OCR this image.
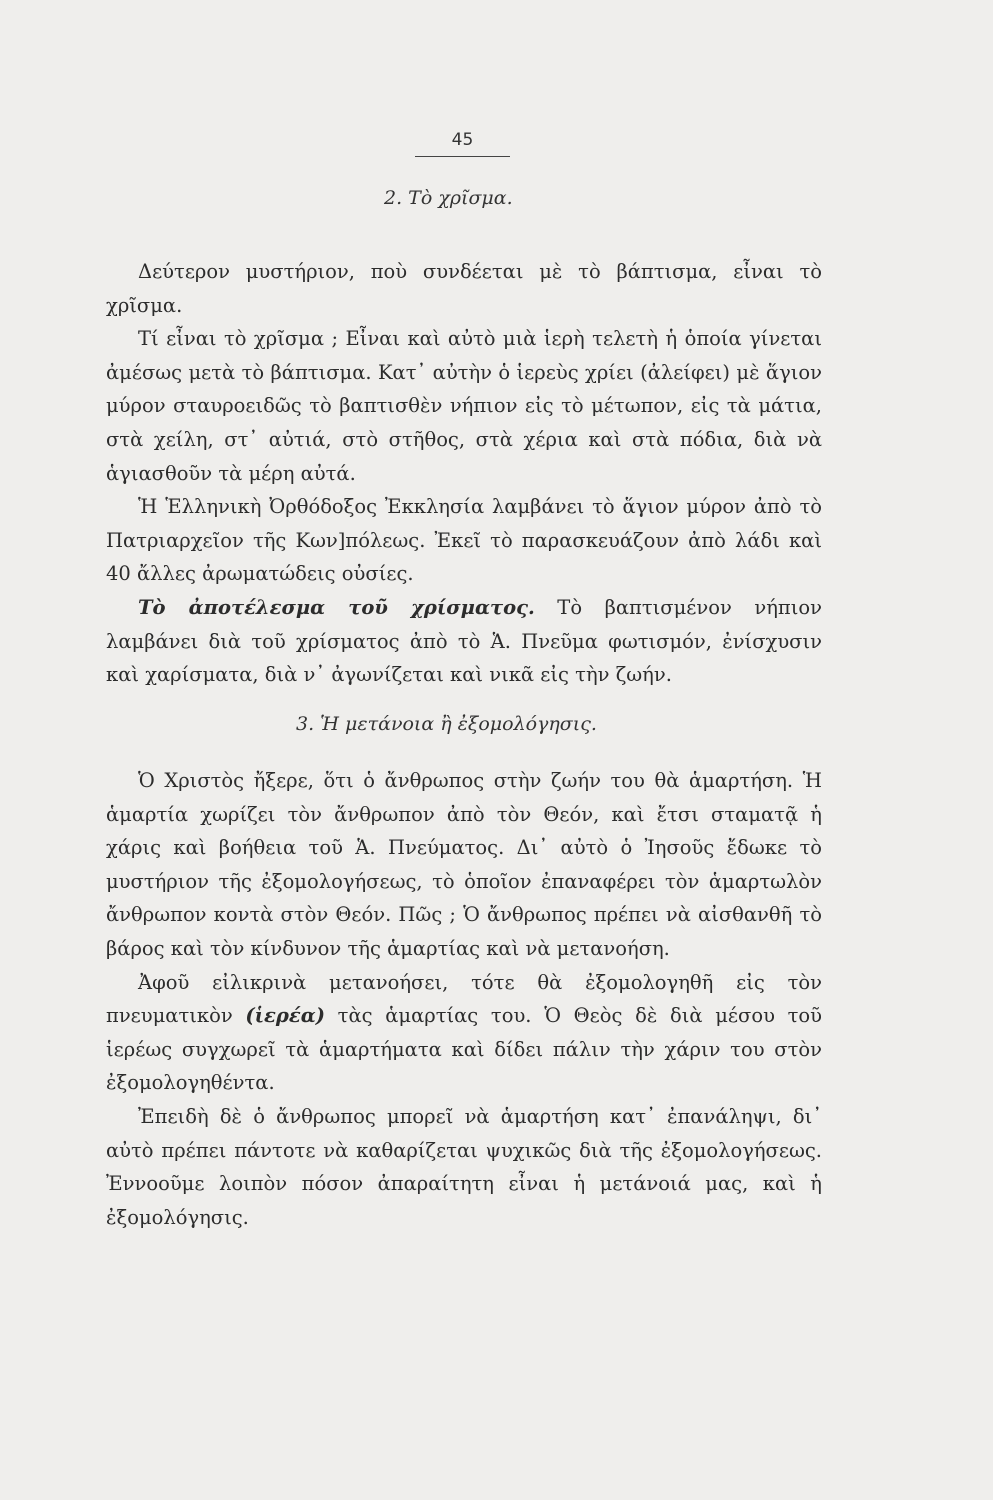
45
2. Τὸ χρῖσμα.

Δεύτερον μυστήριον, ποὺ συνδέεται μὲ τὸ βάπτισμα, εἶναι τὸ χρῖσμα.

Τί εἶναι τὸ χρῖσμα ; Εἶναι καὶ αὐτὸ μιὰ ἱερὴ τελετὴ ἡ ὁποία γίνεται ἀμέσως μετὰ τὸ βάπτισμα. Κατ᾽ αὐτὴν ὁ ἱερεὺς χρίει (ἀλείφει) μὲ ἅγιον μύρον σταυροειδῶς τὸ βαπτισθὲν νήπιον εἰς τὸ μέτωπον, εἰς τὰ μάτια, στὰ χείλη, στ᾽ αὐτιά, στὸ στῆθος, στὰ χέρια καὶ στὰ πόδια, διὰ νὰ ἁγιασθοῦν τὰ μέρη αὐτά.

Ἡ Ἑλληνικὴ Ὀρθόδοξος Ἐκκλησία λαμβάνει τὸ ἅγιον μύρον ἀπὸ τὸ Πατριαρχεῖον τῆς Κων]πόλεως. Ἐκεῖ τὸ παρασκευάζουν ἀπὸ λάδι καὶ 40 ἄλλες ἀρωματώδεις οὐσίες.

Τὸ ἀποτέλεσμα τοῦ χρίσματος. Τὸ βαπτισμένον νήπιον λαμβάνει διὰ τοῦ χρίσματος ἀπὸ τὸ Ἁ. Πνεῦμα φωτισμόν, ἐνίσχυσιν καὶ χαρίσματα, διὰ ν᾽ ἀγωνίζεται καὶ νικᾶ εἰς τὴν ζωήν.

3. Ἡ μετάνοια ἢ ἐξομολόγησις.

Ὁ Χριστὸς ἤξερε, ὅτι ὁ ἄνθρωπος στὴν ζωήν του θὰ ἁμαρτήση. Ἡ ἁμαρτία χωρίζει τὸν ἄνθρωπον ἀπὸ τὸν Θεόν, καὶ ἔτσι σταματᾷ ἡ χάρις καὶ βοήθεια τοῦ Ἁ. Πνεύματος. Δι᾽ αὐτὸ ὁ Ἰησοῦς ἔδωκε τὸ μυστήριον τῆς ἐξομολογήσεως, τὸ ὁποῖον ἐπαναφέρει τὸν ἁμαρτωλὸν ἄνθρωπον κοντὰ στὸν Θεόν. Πῶς ; Ὁ ἄνθρωπος πρέπει νὰ αἰσθανθῆ τὸ βάρος καὶ τὸν κίνδυνον τῆς ἁμαρτίας καὶ νὰ μετανοήση.

Ἀφοῦ εἰλικρινὰ μετανοήσει, τότε θὰ ἐξομολογηθῆ εἰς τὸν πνευματικὸν (ἱερέα) τὰς ἁμαρτίας του. Ὁ Θεὸς δὲ διὰ μέσου τοῦ ἱερέως συγχωρεῖ τὰ ἁμαρτήματα καὶ δίδει πάλιν τὴν χάριν του στὸν ἐξομολογηθέντα.

Ἐπειδὴ δὲ ὁ ἄνθρωπος μπορεῖ νὰ ἁμαρτήση κατ᾽ ἐπανάληψι, δι᾽ αὐτὸ πρέπει πάντοτε νὰ καθαρίζεται ψυχικῶς διὰ τῆς ἐξομολογήσεως. Ἐννοοῦμε λοιπὸν πόσον ἀπαραίτητη εἶναι ἡ μετάνοιά μας, καὶ ἡ ἐξομολόγησις.
